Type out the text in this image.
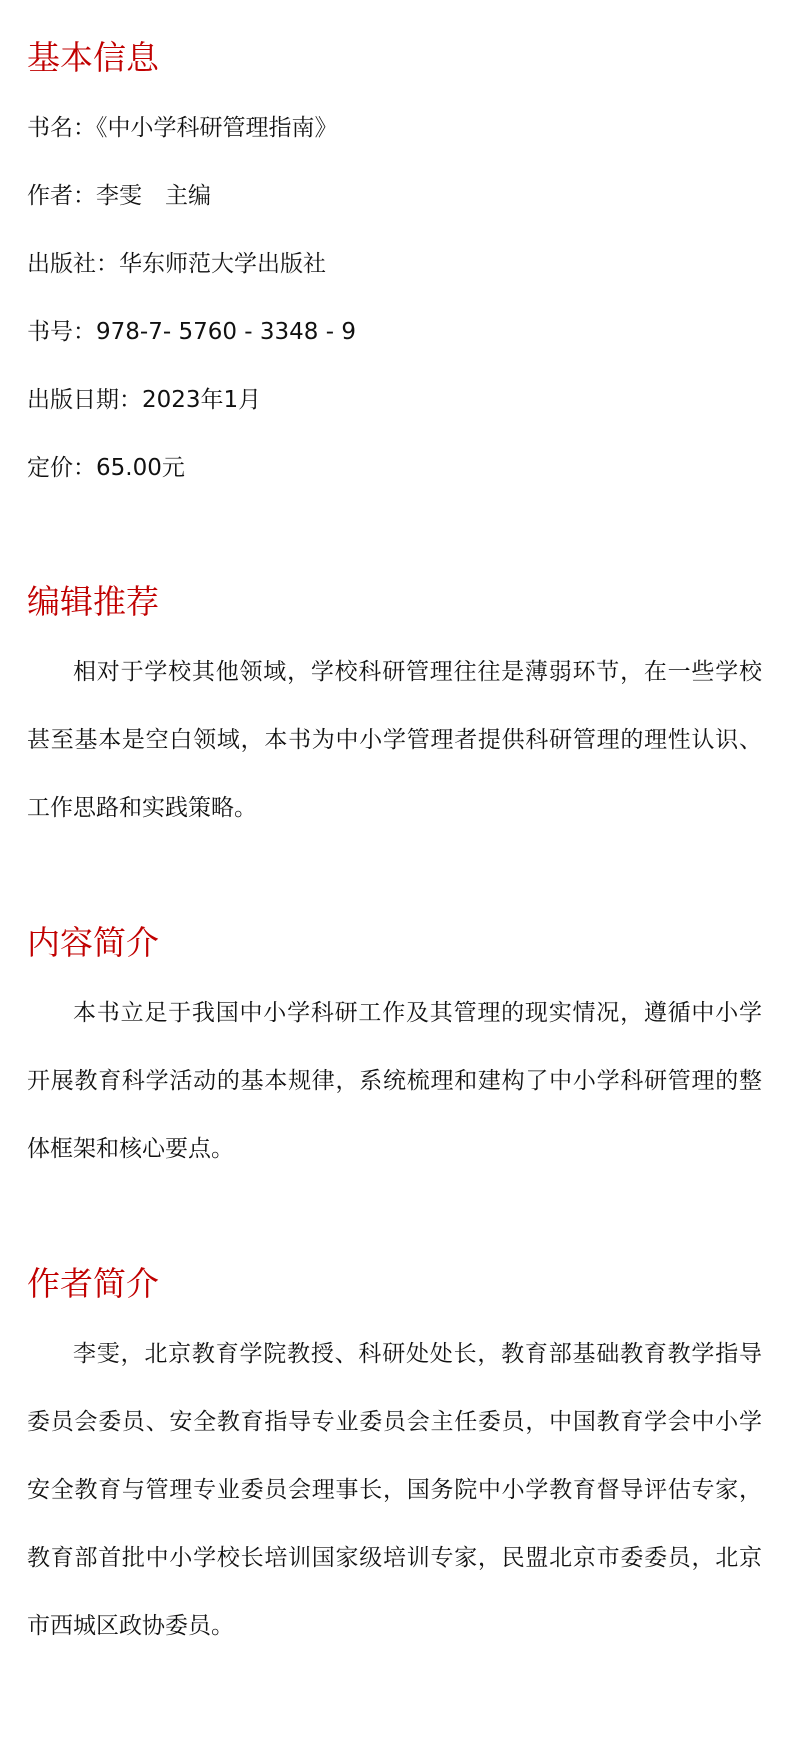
基本信息

书名：《中小学科研管理指南》

作者：李雯　主编

出版社：华东师范大学出版社

书号：978-7- 5760 - 3348 - 9

出版日期：2023年1月

定价：65.00元

编辑推荐

相对于学校其他领域，学校科研管理往往是薄弱环节，在一些学校甚至基本是空白领域，本书为中小学管理者提供科研管理的理性认识、工作思路和实践策略。

内容简介

本书立足于我国中小学科研工作及其管理的现实情况，遵循中小学开展教育科学活动的基本规律，系统梳理和建构了中小学科研管理的整体框架和核心要点。

作者简介

李雯，北京教育学院教授、科研处处长，教育部基础教育教学指导委员会委员、安全教育指导专业委员会主任委员，中国教育学会中小学安全教育与管理专业委员会理事长，国务院中小学教育督导评估专家，教育部首批中小学校长培训国家级培训专家，民盟北京市委委员，北京市西城区政协委员。
